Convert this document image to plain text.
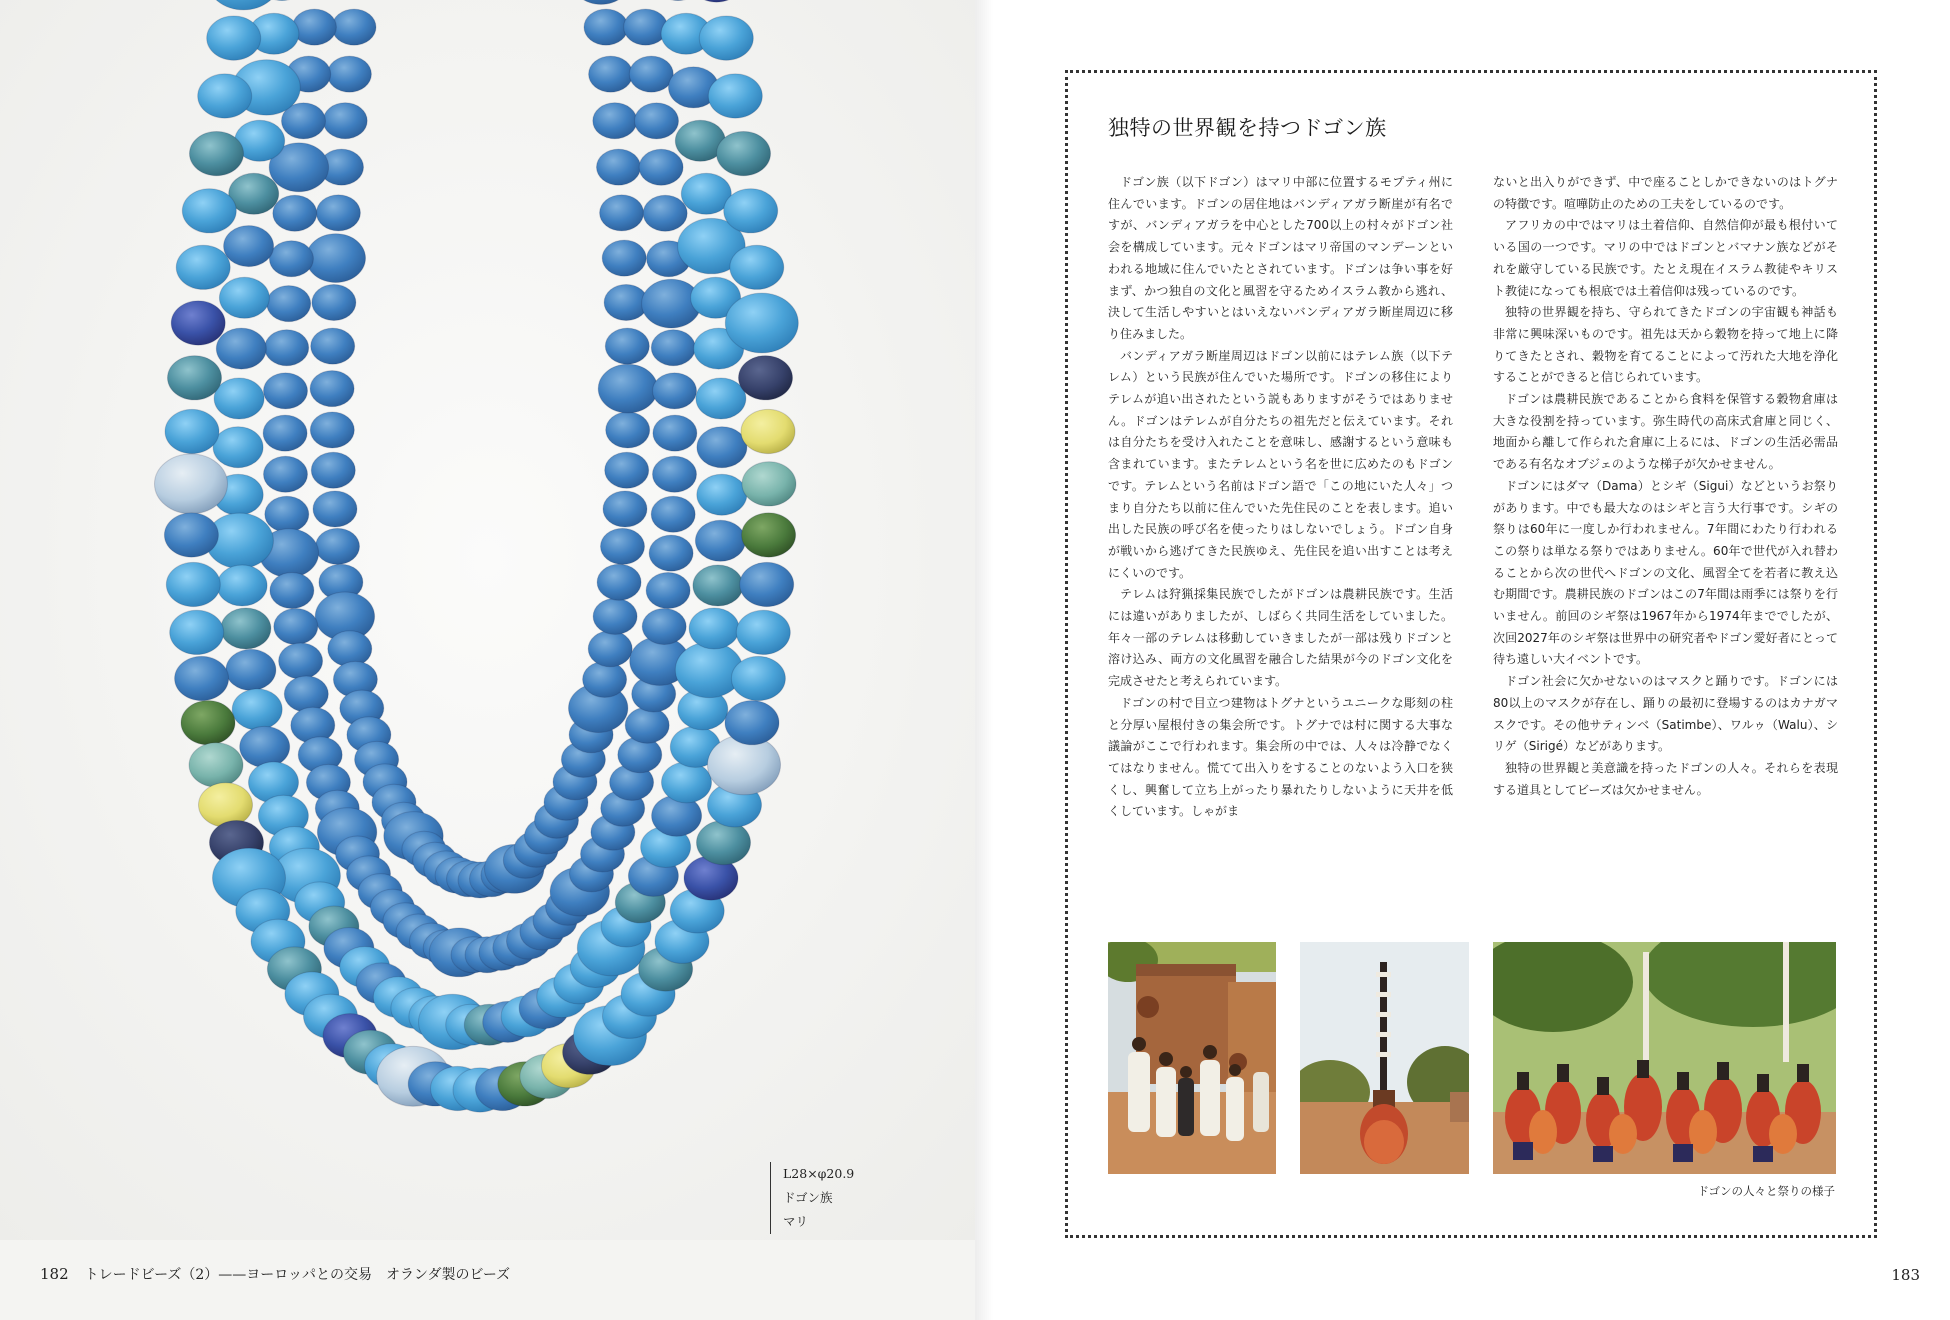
L28×φ20.9
ドゴン族
マリ
182 トレードビーズ（2）——ヨーロッパとの交易　オランダ製のビーズ
独特の世界観を持つドゴン族

ドゴン族（以下ドゴン）はマリ中部に位置するモプティ州に住んでいます。ドゴンの居住地はバンディアガラ断崖が有名ですが、バンディアガラを中心とした700以上の村々がドゴン社会を構成しています。元々ドゴンはマリ帝国のマンデーンといわれる地域に住んでいたとされています。ドゴンは争い事を好まず、かつ独自の文化と風習を守るためイスラム教から逃れ、決して生活しやすいとはいえないバンディアガラ断崖周辺に移り住みました。

バンディアガラ断崖周辺はドゴン以前にはテレム族（以下テレム）という民族が住んでいた場所です。ドゴンの移住によりテレムが追い出されたという説もありますがそうではありません。ドゴンはテレムが自分たちの祖先だと伝えています。それは自分たちを受け入れたことを意味し、感謝するという意味も含まれています。またテレムという名を世に広めたのもドゴンです。テレムという名前はドゴン語で「この地にいた人々」つまり自分たち以前に住んでいた先住民のことを表します。追い出した民族の呼び名を使ったりはしないでしょう。ドゴン自身が戦いから逃げてきた民族ゆえ、先住民を追い出すことは考えにくいのです。

テレムは狩猟採集民族でしたがドゴンは農耕民族です。生活には違いがありましたが、しばらく共同生活をしていました。年々一部のテレムは移動していきましたが一部は残りドゴンと溶け込み、両方の文化風習を融合した結果が今のドゴン文化を完成させたと考えられています。

ドゴンの村で目立つ建物はトグナというユニークな彫刻の柱と分厚い屋根付きの集会所です。トグナでは村に関する大事な議論がここで行われます。集会所の中では、人々は冷静でなくてはなりません。慌てて出入りをすることのないよう入口を狭くし、興奮して立ち上がったり暴れたりしないように天井を低くしています。しゃがま

ないと出入りができず、中で座ることしかできないのはトグナの特徴です。喧嘩防止のための工夫をしているのです。

アフリカの中ではマリは土着信仰、自然信仰が最も根付いている国の一つです。マリの中ではドゴンとバマナン族などがそれを厳守している民族です。たとえ現在イスラム教徒やキリスト教徒になっても根底では土着信仰は残っているのです。

独特の世界観を持ち、守られてきたドゴンの宇宙観も神話も非常に興味深いものです。祖先は天から穀物を持って地上に降りてきたとされ、穀物を育てることによって汚れた大地を浄化することができると信じられています。

ドゴンは農耕民族であることから食料を保管する穀物倉庫は大きな役割を持っています。弥生時代の高床式倉庫と同じく、地面から離して作られた倉庫に上るには、ドゴンの生活必需品である有名なオブジェのような梯子が欠かせません。

ドゴンにはダマ（Dama）とシギ（Sigui）などというお祭りがあります。中でも最大なのはシギと言う大行事です。シギの祭りは60年に一度しか行われません。7年間にわたり行われるこの祭りは単なる祭りではありません。60年で世代が入れ替わることから次の世代へドゴンの文化、風習全てを若者に教え込む期間です。農耕民族のドゴンはこの7年間は雨季には祭りを行いません。前回のシギ祭は1967年から1974年まででしたが、次回2027年のシギ祭は世界中の研究者やドゴン愛好者にとって待ち遠しい大イベントです。

ドゴン社会に欠かせないのはマスクと踊りです。ドゴンには80以上のマスクが存在し、踊りの最初に登場するのはカナガマスクです。その他サティンベ（Satimbe）、ワルゥ（Walu）、シリゲ（Sirigé）などがあります。

独特の世界観と美意識を持ったドゴンの人々。それらを表現する道具としてビーズは欠かせません。

ドゴンの人々と祭りの様子
183
